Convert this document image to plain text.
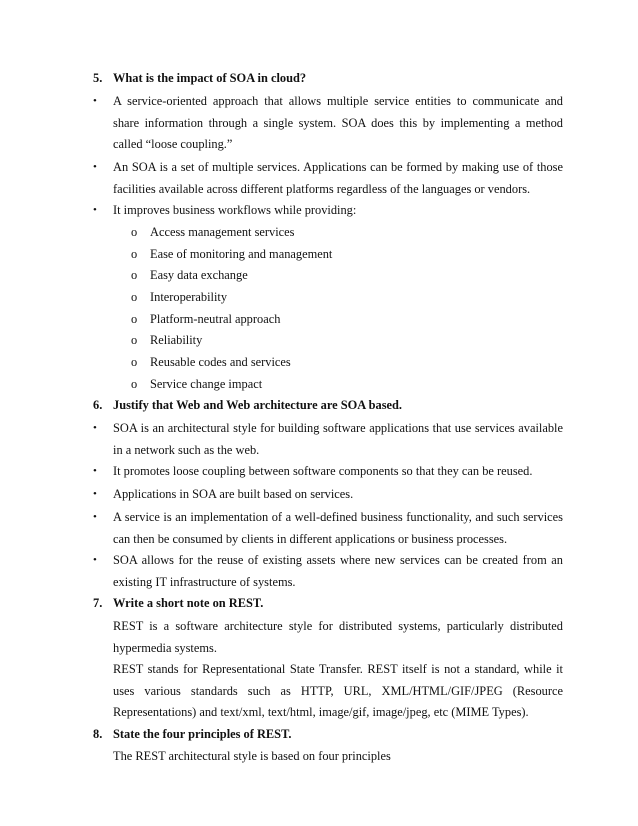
5. What is the impact of SOA in cloud?
• A service-oriented approach that allows multiple service entities to communicate and share information through a single system. SOA does this by implementing a method called “loose coupling.”
• An SOA is a set of multiple services. Applications can be formed by making use of those facilities available across different platforms regardless of the languages or vendors.
• It improves business workflows while providing:
o Access management services
o Ease of monitoring and management
o Easy data exchange
o Interoperability
o Platform-neutral approach
o Reliability
o Reusable codes and services
o Service change impact
6. Justify that Web and Web architecture are SOA based.
• SOA is an architectural style for building software applications that use services available in a network such as the web.
• It promotes loose coupling between software components so that they can be reused.
• Applications in SOA are built based on services.
• A service is an implementation of a well-defined business functionality, and such services can then be consumed by clients in different applications or business processes.
• SOA allows for the reuse of existing assets where new services can be created from an existing IT infrastructure of systems.
7. Write a short note on REST.
REST is a software architecture style for distributed systems, particularly distributed hypermedia systems.
REST stands for Representational State Transfer. REST itself is not a standard, while it uses various standards such as HTTP, URL, XML/HTML/GIF/JPEG (Resource Representations) and text/xml, text/html, image/gif, image/jpeg, etc (MIME Types).
8. State the four principles of REST.
The REST architectural style is based on four principles
